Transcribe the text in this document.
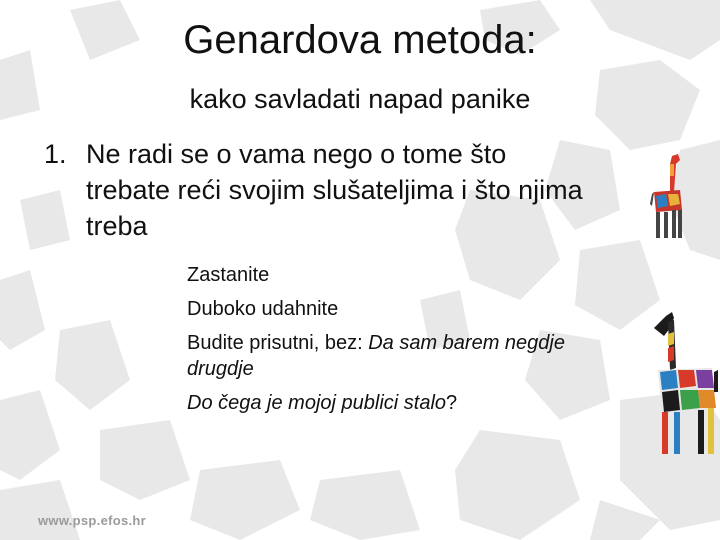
Genardova metoda:
kako savladati napad panike
1. Ne radi se o vama nego o tome što
trebate reći svojim slušateljima i što njima
treba
Zastanite
Duboko udahnite
Budite prisutni, bez: Da sam barem negdje drugdje
Do čega je mojoj publici stalo?
www.psp.efos.hr
